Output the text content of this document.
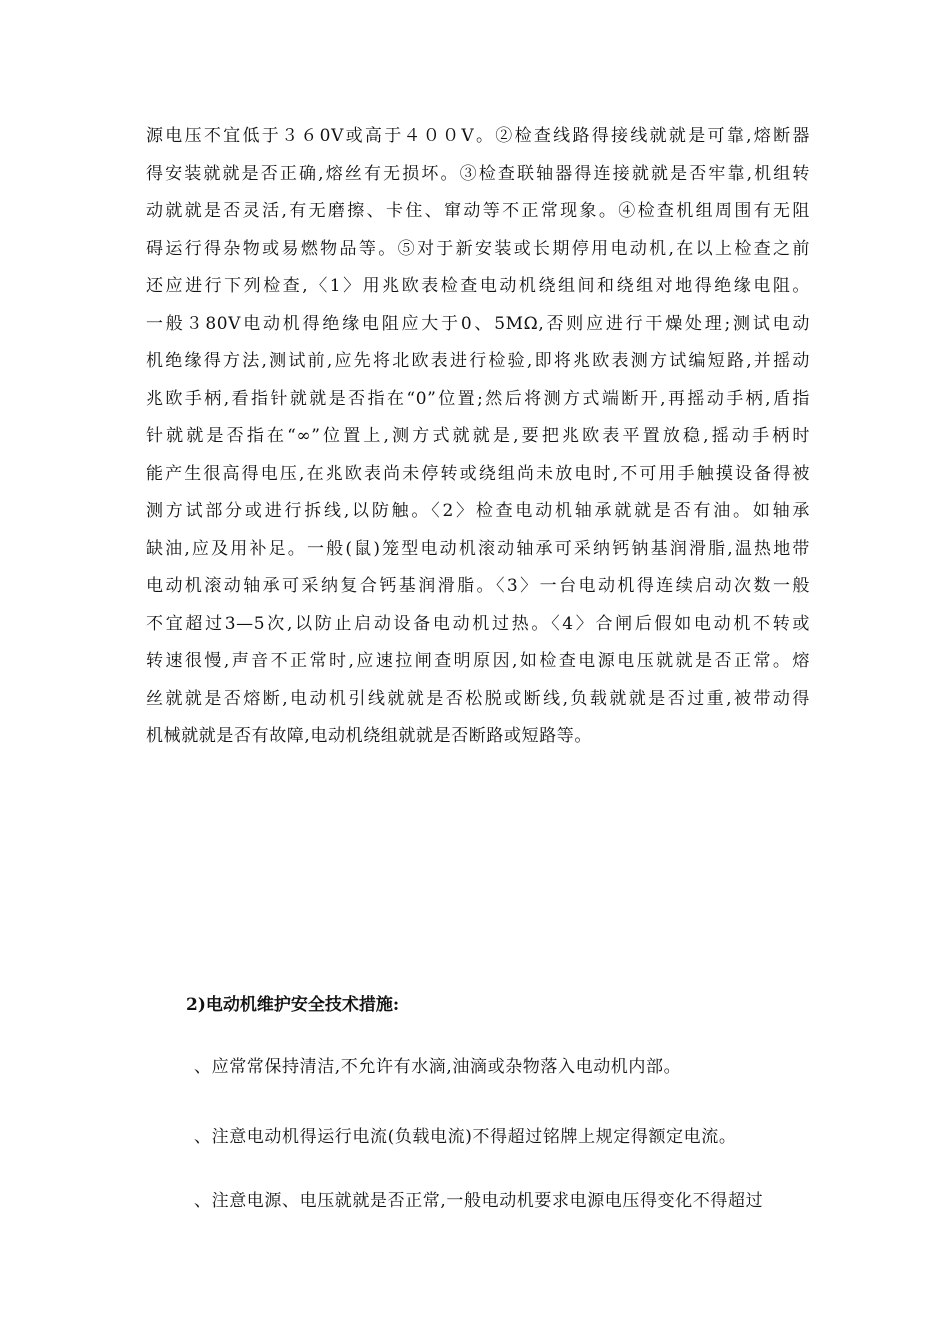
源电压不宜低于３６0V或高于４００V。②检查线路得接线就就是可靠,熔断器
得安装就就是否正确,熔丝有无损坏。③检查联轴器得连接就就是否牢靠,机组转
动就就是否灵活,有无磨擦、卡住、窜动等不正常现象。④检查机组周围有无阻
碍运行得杂物或易燃物品等。⑤对于新安装或长期停用电动机,在以上检查之前
还应进行下列检查,〈1〉用兆欧表检查电动机绕组间和绕组对地得绝缘电阻。
一般３80V电动机得绝缘电阻应大于0、5MΩ,否则应进行干燥处理;测试电动
机绝缘得方法,测试前,应先将北欧表进行检验,即将兆欧表测方试编短路,并摇动
兆欧手柄,看指针就就是否指在“0”位置;然后将测方式端断开,再摇动手柄,盾指
针就就是否指在“∞”位置上,测方式就就是,要把兆欧表平置放稳,摇动手柄时
能产生很高得电压,在兆欧表尚未停转或绕组尚未放电时,不可用手触摸设备得被
测方试部分或进行拆线,以防触。〈2〉检查电动机轴承就就是否有油。如轴承
缺油,应及用补足。一般(鼠)笼型电动机滚动轴承可采纳钙钠基润滑脂,温热地带
电动机滚动轴承可采纳复合钙基润滑脂。〈3〉一台电动机得连续启动次数一般
不宜超过3—5次,以防止启动设备电动机过热。〈4〉合闸后假如电动机不转或
转速很慢,声音不正常时,应速拉闸查明原因,如检查电源电压就就是否正常。熔
丝就就是否熔断,电动机引线就就是否松脱或断线,负载就就是否过重,被带动得
机械就就是否有故障,电动机绕组就就是否断路或短路等。

2)电动机维护安全技术措施:

、应常常保持清洁,不允许有水滴,油滴或杂物落入电动机内部。

、注意电动机得运行电流(负载电流)不得超过铭牌上规定得额定电流。

、注意电源、电压就就是否正常,一般电动机要求电源电压得变化不得超过
